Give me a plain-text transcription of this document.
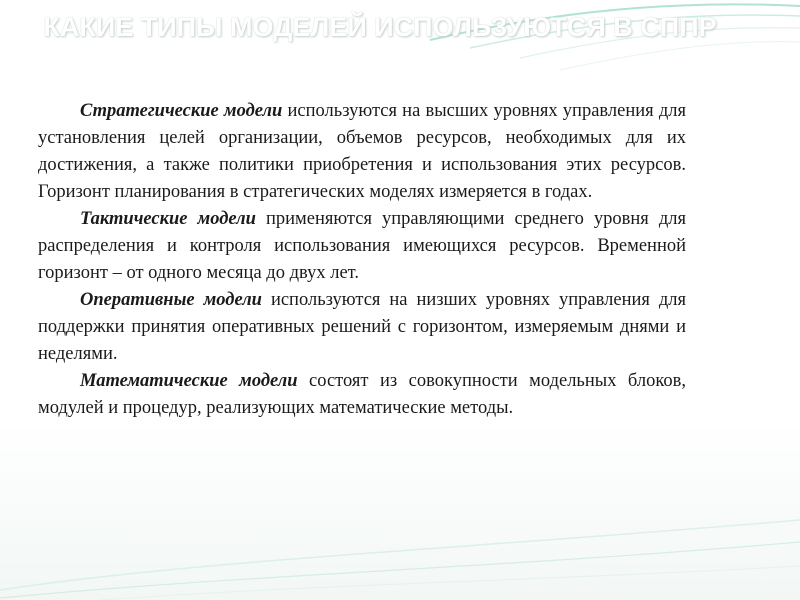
КАКИЕ ТИПЫ МОДЕЛЕЙ ИСПОЛЬЗУЮТСЯ В СППР

Стратегические модели используются на высших уровнях управления для установления целей организации, объемов ресурсов, необходимых для их достижения, а также политики приобретения и использования этих ресурсов. Горизонт планирования в стратегических моделях измеряется в годах.

Тактические модели применяются управляющими среднего уровня для распределения и контроля использования имеющихся ресурсов. Временной горизонт – от одного месяца до двух лет.

Оперативные модели используются на низших уровнях управления для поддержки принятия оперативных решений с горизонтом, измеряемым днями и неделями.

Математические модели состоят из совокупности модельных блоков, модулей и процедур, реализующих математические методы.
